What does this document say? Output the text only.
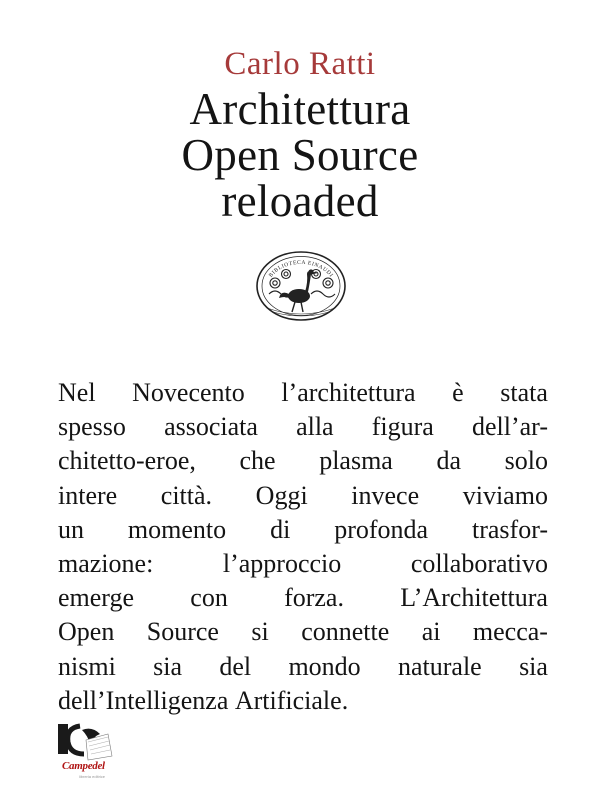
Carlo Ratti
Architettura
Open Source
reloaded
BIBLIOTECA EINAUDI
Nel Novecento l’architettura è stata
spesso associata alla figura dell’ar-
chitetto-eroe, che plasma da solo
intere città. Oggi invece viviamo
un momento di profonda trasfor-
mazione:	l’approccio	collaborativo
emerge con forza. L’Architettura
Open Source si connette ai mecca-
nismi sia del mondo naturale sia
dell’Intelligenza
Artificiale.
Campedel
libreria editrice
